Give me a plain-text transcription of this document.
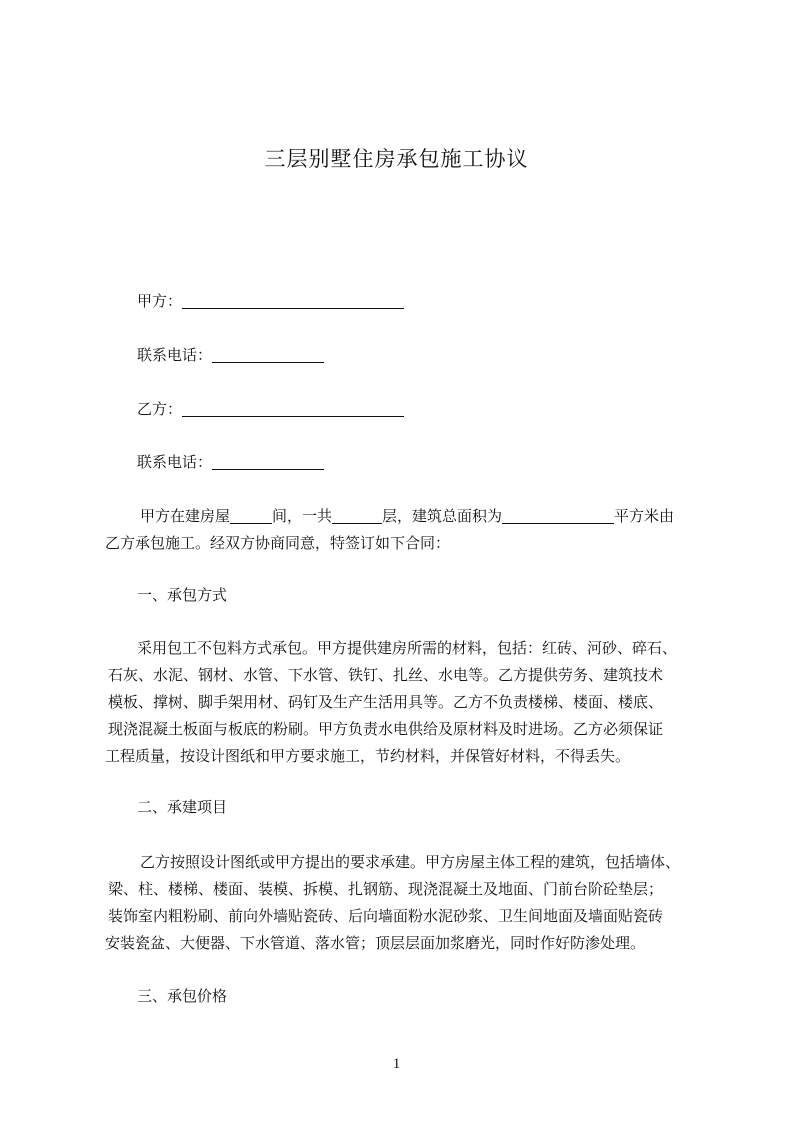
三层别墅住房承包施工协议
甲方：
联系电话：
乙方：
联系电话：
甲方在建房屋	间，一共	层，建筑总面积为	平方米由
乙方承包施工。经双方协商同意，特签订如下合同：
一、承包方式
采用包工不包料方式承包。甲方提供建房所需的材料，包括：红砖、河砂、碎石、
石灰、水泥、钢材、水管、下水管、铁钉、扎丝、水电等。乙方提供劳务、建筑技术
模板、撑树、脚手架用材、码钉及生产生活用具等。乙方不负责楼梯、楼面、楼底、
现浇混凝土板面与板底的粉刷。甲方负责水电供给及原材料及时进场。乙方必须保证
工程质量，按设计图纸和甲方要求施工，节约材料，并保管好材料，不得丢失。
二、承建项目
乙方按照设计图纸或甲方提出的要求承建。甲方房屋主体工程的建筑，包括墙体、
梁、柱、楼梯、楼面、装模、拆模、扎钢筋、现浇混凝土及地面、门前台阶砼垫层；
装饰室内粗粉刷、前向外墙贴瓷砖、后向墙面粉水泥砂浆、卫生间地面及墙面贴瓷砖
安装瓷盆、大便器、下水管道、落水管；顶层层面加浆磨光，同时作好防渗处理。
三、承包价格
1
